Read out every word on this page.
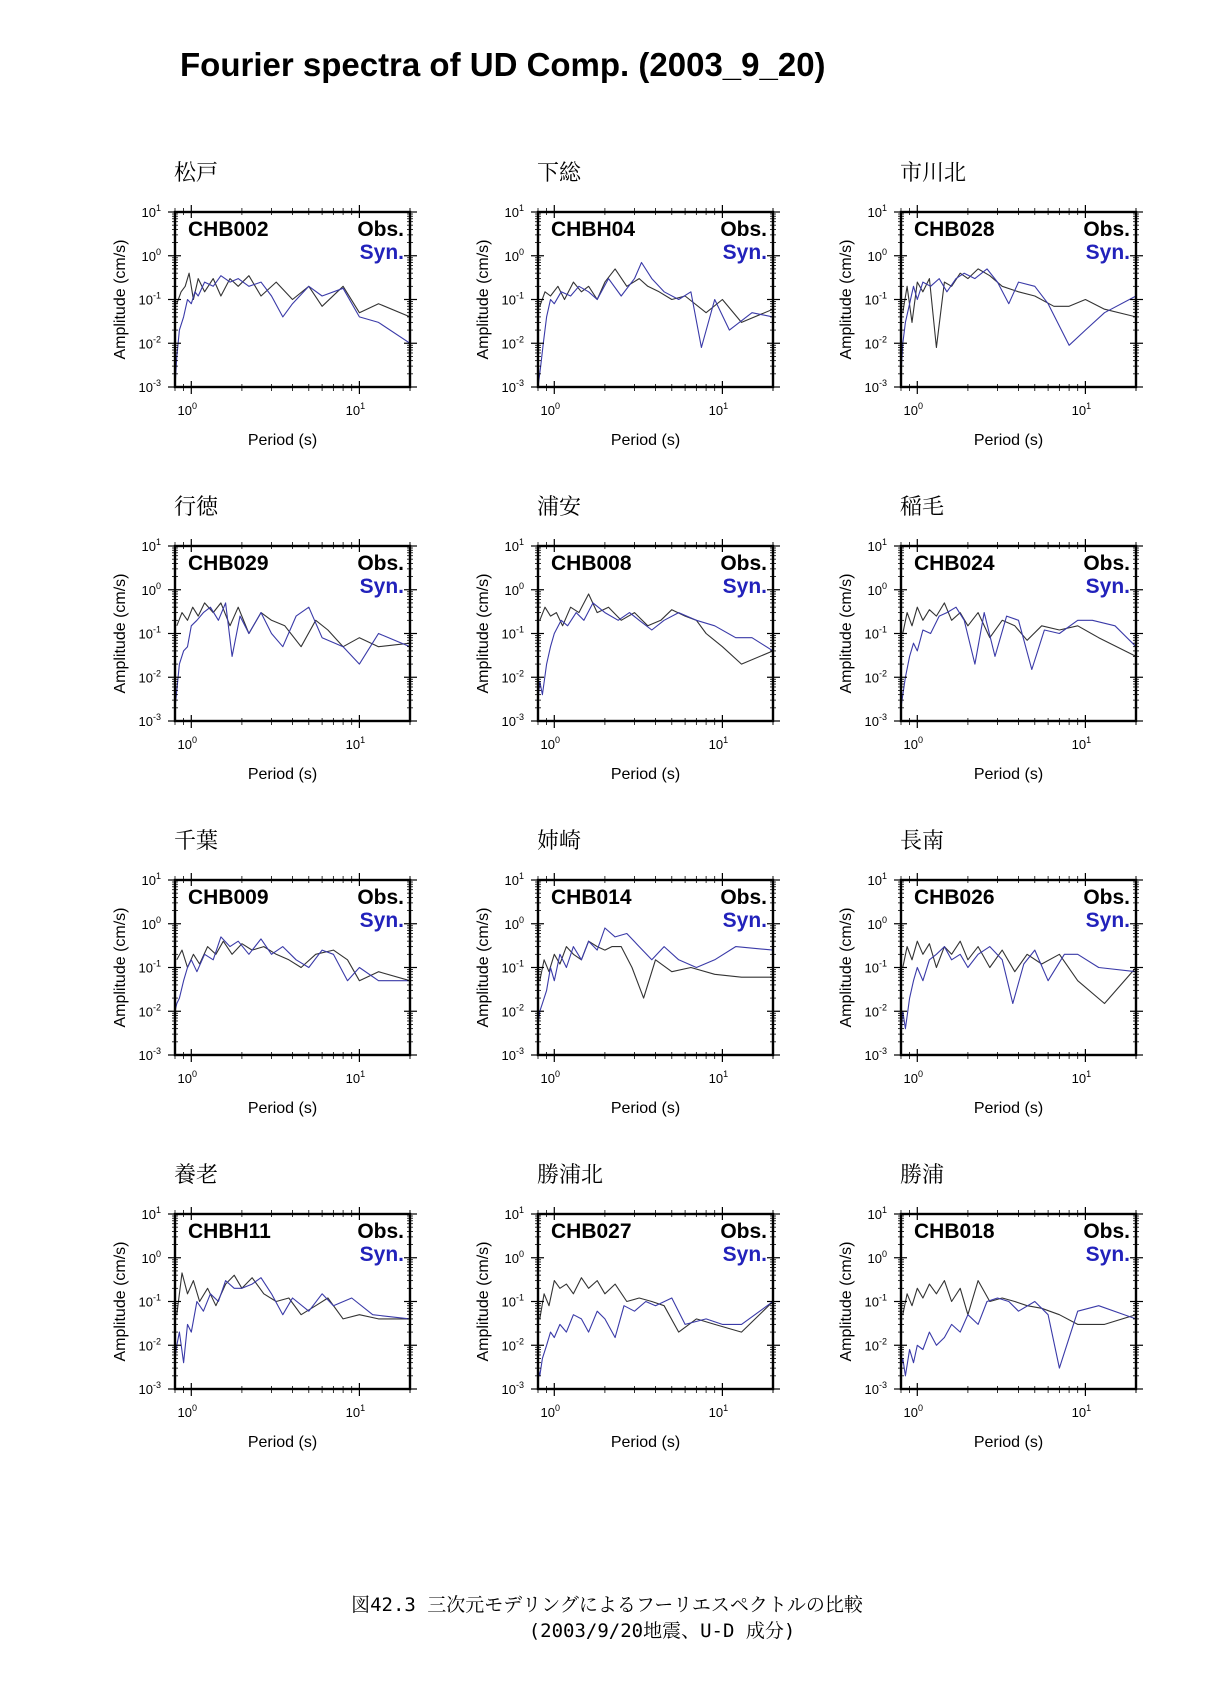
Fourier spectra of UD Comp. (2003_9_20)
松戸
$10^1$
$10^0$
$10^{-1}$
$10^{-2}$
$10^{-3}$
$10^0$	$10^1$
Period (s)
Amplitude (cm/s)
CHB002	Obs.
Syn.
下総
$10^1$
$10^0$
$10^{-1}$
$10^{-2}$
$10^{-3}$
$10^0$	$10^1$
Period (s)
Amplitude (cm/s)
CHBH04	Obs.
Syn.
市川北
$10^1$
$10^0$
$10^{-1}$
$10^{-2}$
$10^{-3}$
$10^0$	$10^1$
Period (s)
Amplitude (cm/s)
CHB028	Obs.
Syn.
行徳
$10^1$
$10^0$
$10^{-1}$
$10^{-2}$
$10^{-3}$
$10^0$	$10^1$
Period (s)
Amplitude (cm/s)
CHB029	Obs.
Syn.
浦安
$10^1$
$10^0$
$10^{-1}$
$10^{-2}$
$10^{-3}$
$10^0$	$10^1$
Period (s)
Amplitude (cm/s)
CHB008	Obs.
Syn.
稲毛
$10^1$
$10^0$
$10^{-1}$
$10^{-2}$
$10^{-3}$
$10^0$	$10^1$
Period (s)
Amplitude (cm/s)
CHB024	Obs.
Syn.
千葉
$10^1$
$10^0$
$10^{-1}$
$10^{-2}$
$10^{-3}$
$10^0$	$10^1$
Period (s)
Amplitude (cm/s)
CHB009	Obs.
Syn.
姉崎
$10^1$
$10^0$
$10^{-1}$
$10^{-2}$
$10^{-3}$
$10^0$	$10^1$
Period (s)
Amplitude (cm/s)
CHB014	Obs.
Syn.
長南
$10^1$
$10^0$
$10^{-1}$
$10^{-2}$
$10^{-3}$
$10^0$	$10^1$
Period (s)
Amplitude (cm/s)
CHB026	Obs.
Syn.
養老
$10^1$
$10^0$
$10^{-1}$
$10^{-2}$
$10^{-3}$
$10^0$	$10^1$
Period (s)
Amplitude (cm/s)
CHBH11	Obs.
Syn.
勝浦北
$10^1$
$10^0$
$10^{-1}$
$10^{-2}$
$10^{-3}$
$10^0$	$10^1$
Period (s)
Amplitude (cm/s)
CHB027	Obs.
Syn.
勝浦
$10^1$
$10^0$
$10^{-1}$
$10^{-2}$
$10^{-3}$
$10^0$	$10^1$
Period (s)
Amplitude (cm/s)
CHB018	Obs.
Syn.
図42.3 三次元モデリングによるフーリエスペクトルの比較
(2003/9/20地震、U-D 成分)
